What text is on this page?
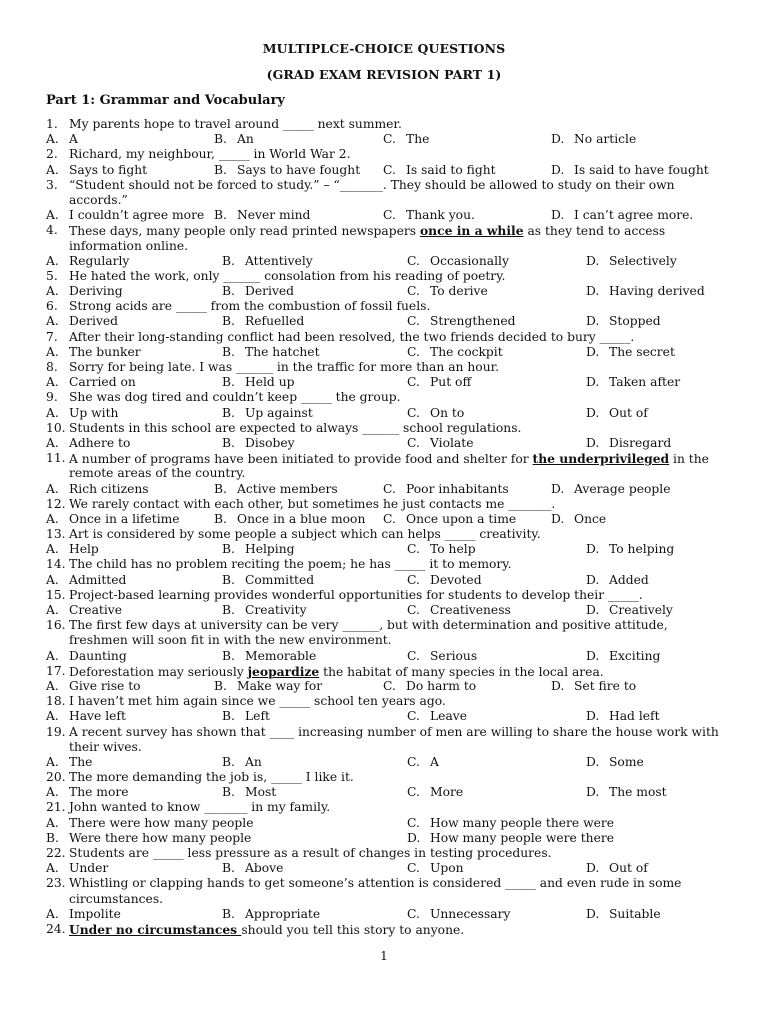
MULTIPLCE-CHOICE QUESTIONS
(GRAD EXAM REVISION PART 1)
Part 1: Grammar and Vocabulary
1. My parents hope to travel around _____ next summer.
A. A	B. An	C. The	D. No article
2. Richard, my neighbour, _____ in World War 2.
A. Says to fight	B. Says to have fought C. Is said to fight	D. Is said to have fought
3. “Student should not be forced to study.” – “_______. They should be allowed to study on their own
accords.”
A. I couldn’t agree more B. Never mind	C. Thank you.	D. I can’t agree more.
4. These days, many people only read printed newspapers once in a while as they tend to access
information online.
A. Regularly	B. Attentively	C. Occasionally	D. Selectively
5. He hated the work, only ______ consolation from his reading of poetry.
A. Deriving	B. Derived	C. To derive	D. Having derived
6. Strong acids are _____ from the combustion of fossil fuels.
A. Derived	B. Refuelled	C. Strengthened	D. Stopped
7. After their long-standing conflict had been resolved, the two friends decided to bury _____.
A. The bunker	B. The hatchet	C. The cockpit	D. The secret
8. Sorry for being late. I was ______ in the traffic for more than an hour.
A. Carried on	B. Held up	C. Put off	D. Taken after
9. She was dog tired and couldn’t keep _____ the group.
A. Up with	B. Up against	C. On to	D. Out of
10. Students in this school are expected to always ______ school regulations.
A. Adhere to	B. Disobey	C. Violate	D. Disregard
11. A number of programs have been initiated to provide food and shelter for the underprivileged in the
remote areas of the country.
A. Rich citizens	B. Active members	C. Poor inhabitants	D. Average people
12. We rarely contact with each other, but sometimes he just contacts me _______.
A. Once in a lifetime	B. Once in a blue moon C. Once upon a time	D. Once
13. Art is considered by some people a subject which can helps _____ creativity.
A. Help	B. Helping	C. To help	D. To helping
14. The child has no problem reciting the poem; he has _____ it to memory.
A. Admitted	B. Committed	C. Devoted	D. Added
15. Project-based learning provides wonderful opportunities for students to develop their _____.
A. Creative	B. Creativity	C. Creativeness	D. Creatively
16. The first few days at university can be very ______, but with determination and positive attitude,
freshmen will soon fit in with the new environment.
A. Daunting	B. Memorable	C. Serious	D. Exciting
17. Deforestation may seriously jeopardize the habitat of many species in the local area.
A. Give rise to	B. Make way for	C. Do harm to	D. Set fire to
18. I haven’t met him again since we _____ school ten years ago.
A. Have left	B. Left	C. Leave	D. Had left
19. A recent survey has shown that ____ increasing number of men are willing to share the house work with
their wives.
A. The	B. An	C. A	D. Some
20. The more demanding the job is, _____ I like it.
A. The more	B. Most	C. More	D. The most
21. John wanted to know _______ in my family.
A. There were how many people	C. How many people there were
B. Were there how many people	D. How many people were there
22. Students are _____ less pressure as a result of changes in testing procedures.
A. Under	B. Above	C. Upon	D. Out of
23. Whistling or clapping hands to get someone’s attention is considered _____ and even rude in some
circumstances.
A. Impolite	B. Appropriate	C. Unnecessary	D. Suitable
24. Under no circumstances should you tell this story to anyone.
1
